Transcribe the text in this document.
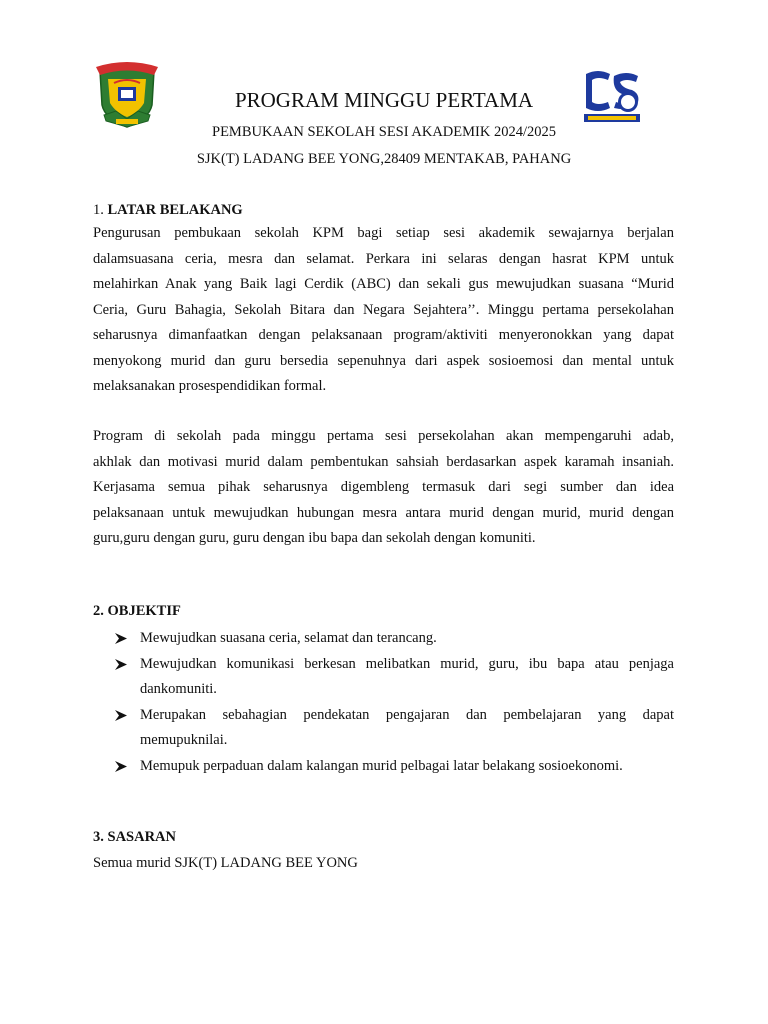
PROGRAM MINGGU PERTAMA
PEMBUKAAN SEKOLAH SESI AKADEMIK 2024/2025
SJK(T) LADANG BEE YONG,28409 MENTAKAB, PAHANG
1. LATAR BELAKANG
Pengurusan pembukaan sekolah KPM bagi setiap sesi akademik sewajarnya berjalan
dalamsuasana ceria, mesra dan selamat. Perkara ini selaras dengan hasrat KPM untuk
melahirkan Anak yang Baik lagi Cerdik (ABC) dan sekali gus mewujudkan suasana “Murid
Ceria, Guru Bahagia, Sekolah Bitara dan Negara Sejahtera’’. Minggu pertama persekolahan
seharusnya dimanfaatkan dengan pelaksanaan program/aktiviti menyeronokkan yang dapat
menyokong murid dan guru bersedia sepenuhnya dari aspek sosioemosi dan mental untuk
melaksanakan prosespendidikan formal.
Program di sekolah pada minggu pertama sesi persekolahan akan mempengaruhi adab,
akhlak dan motivasi murid dalam pembentukan sahsiah berdasarkan aspek karamah insaniah.
Kerjasama semua pihak seharusnya digembleng termasuk dari segi sumber dan idea
pelaksanaan untuk mewujudkan hubungan mesra antara murid dengan murid, murid dengan
guru,guru dengan guru, guru dengan ibu bapa dan sekolah dengan komuniti.
2. OBJEKTIF
Mewujudkan suasana ceria, selamat dan terancang.
Mewujudkan komunikasi berkesan melibatkan murid, guru, ibu bapa atau penjaga
dankomuniti.
Merupakan sebahagian pendekatan pengajaran dan pembelajaran yang dapat
memupuknilai.
Memupuk perpaduan dalam kalangan murid pelbagai latar belakang sosioekonomi.
3. SASARAN
Semua murid SJK(T) LADANG BEE YONG
